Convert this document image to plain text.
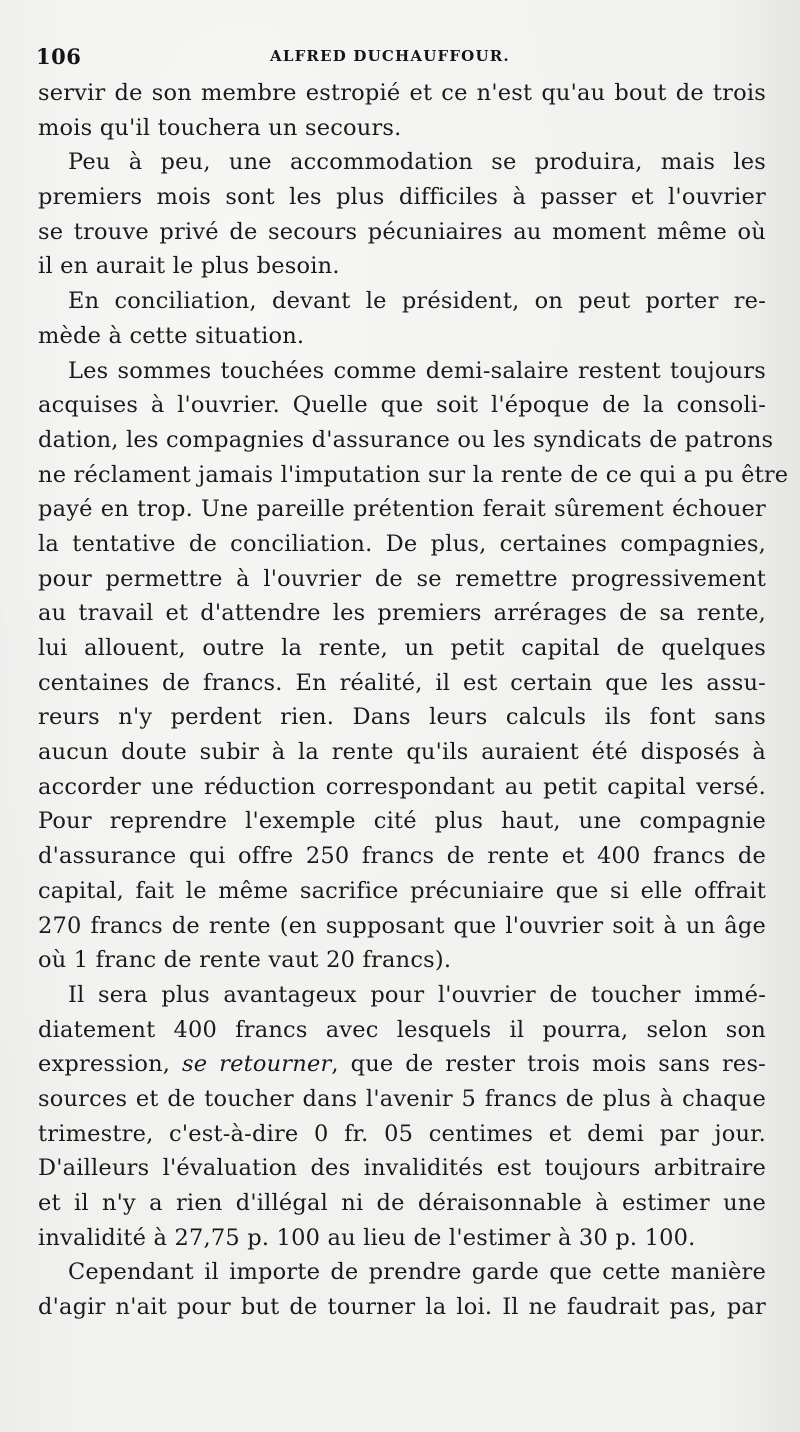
106	ALFRED DUCHAUFFOUR.
servir de son membre estropié et ce n'est qu'au bout de trois
mois qu'il touchera un secours.
Peu à peu, une accommodation se produira, mais les
premiers mois sont les plus difficiles à passer et l'ouvrier
se trouve privé de secours pécuniaires au moment même où
il en aurait le plus besoin.
En conciliation, devant le président, on peut porter re-
mède à cette situation.
Les sommes touchées comme demi-salaire restent toujours
acquises à l'ouvrier. Quelle que soit l'époque de la consoli-
dation, les compagnies d'assurance ou les syndicats de patrons
ne réclament jamais l'imputation sur la rente de ce qui a pu être
payé en trop. Une pareille prétention ferait sûrement échouer
la tentative de conciliation. De plus, certaines compagnies,
pour permettre à l'ouvrier de se remettre progressivement
au travail et d'attendre les premiers arrérages de sa rente,
lui allouent, outre la rente, un petit capital de quelques
centaines de francs. En réalité, il est certain que les assu-
reurs n'y perdent rien. Dans leurs calculs ils font sans
aucun doute subir à la rente qu'ils auraient été disposés à
accorder une réduction correspondant au petit capital versé.
Pour reprendre l'exemple cité plus haut, une compagnie
d'assurance qui offre 250 francs de rente et 400 francs de
capital, fait le même sacrifice précuniaire que si elle offrait
270 francs de rente (en supposant que l'ouvrier soit à un âge
où 1 franc de rente vaut 20 francs).
Il sera plus avantageux pour l'ouvrier de toucher immé-
diatement 400 francs avec lesquels il pourra, selon son
expression, se retourner, que de rester trois mois sans res-
sources et de toucher dans l'avenir 5 francs de plus à chaque
trimestre, c'est-à-dire 0 fr. 05 centimes et demi par jour.
D'ailleurs l'évaluation des invalidités est toujours arbitraire
et il n'y a rien d'illégal ni de déraisonnable à estimer une
invalidité à 27,75 p. 100 au lieu de l'estimer à 30 p. 100.
Cependant il importe de prendre garde que cette manière
d'agir n'ait pour but de tourner la loi. Il ne faudrait pas, par
